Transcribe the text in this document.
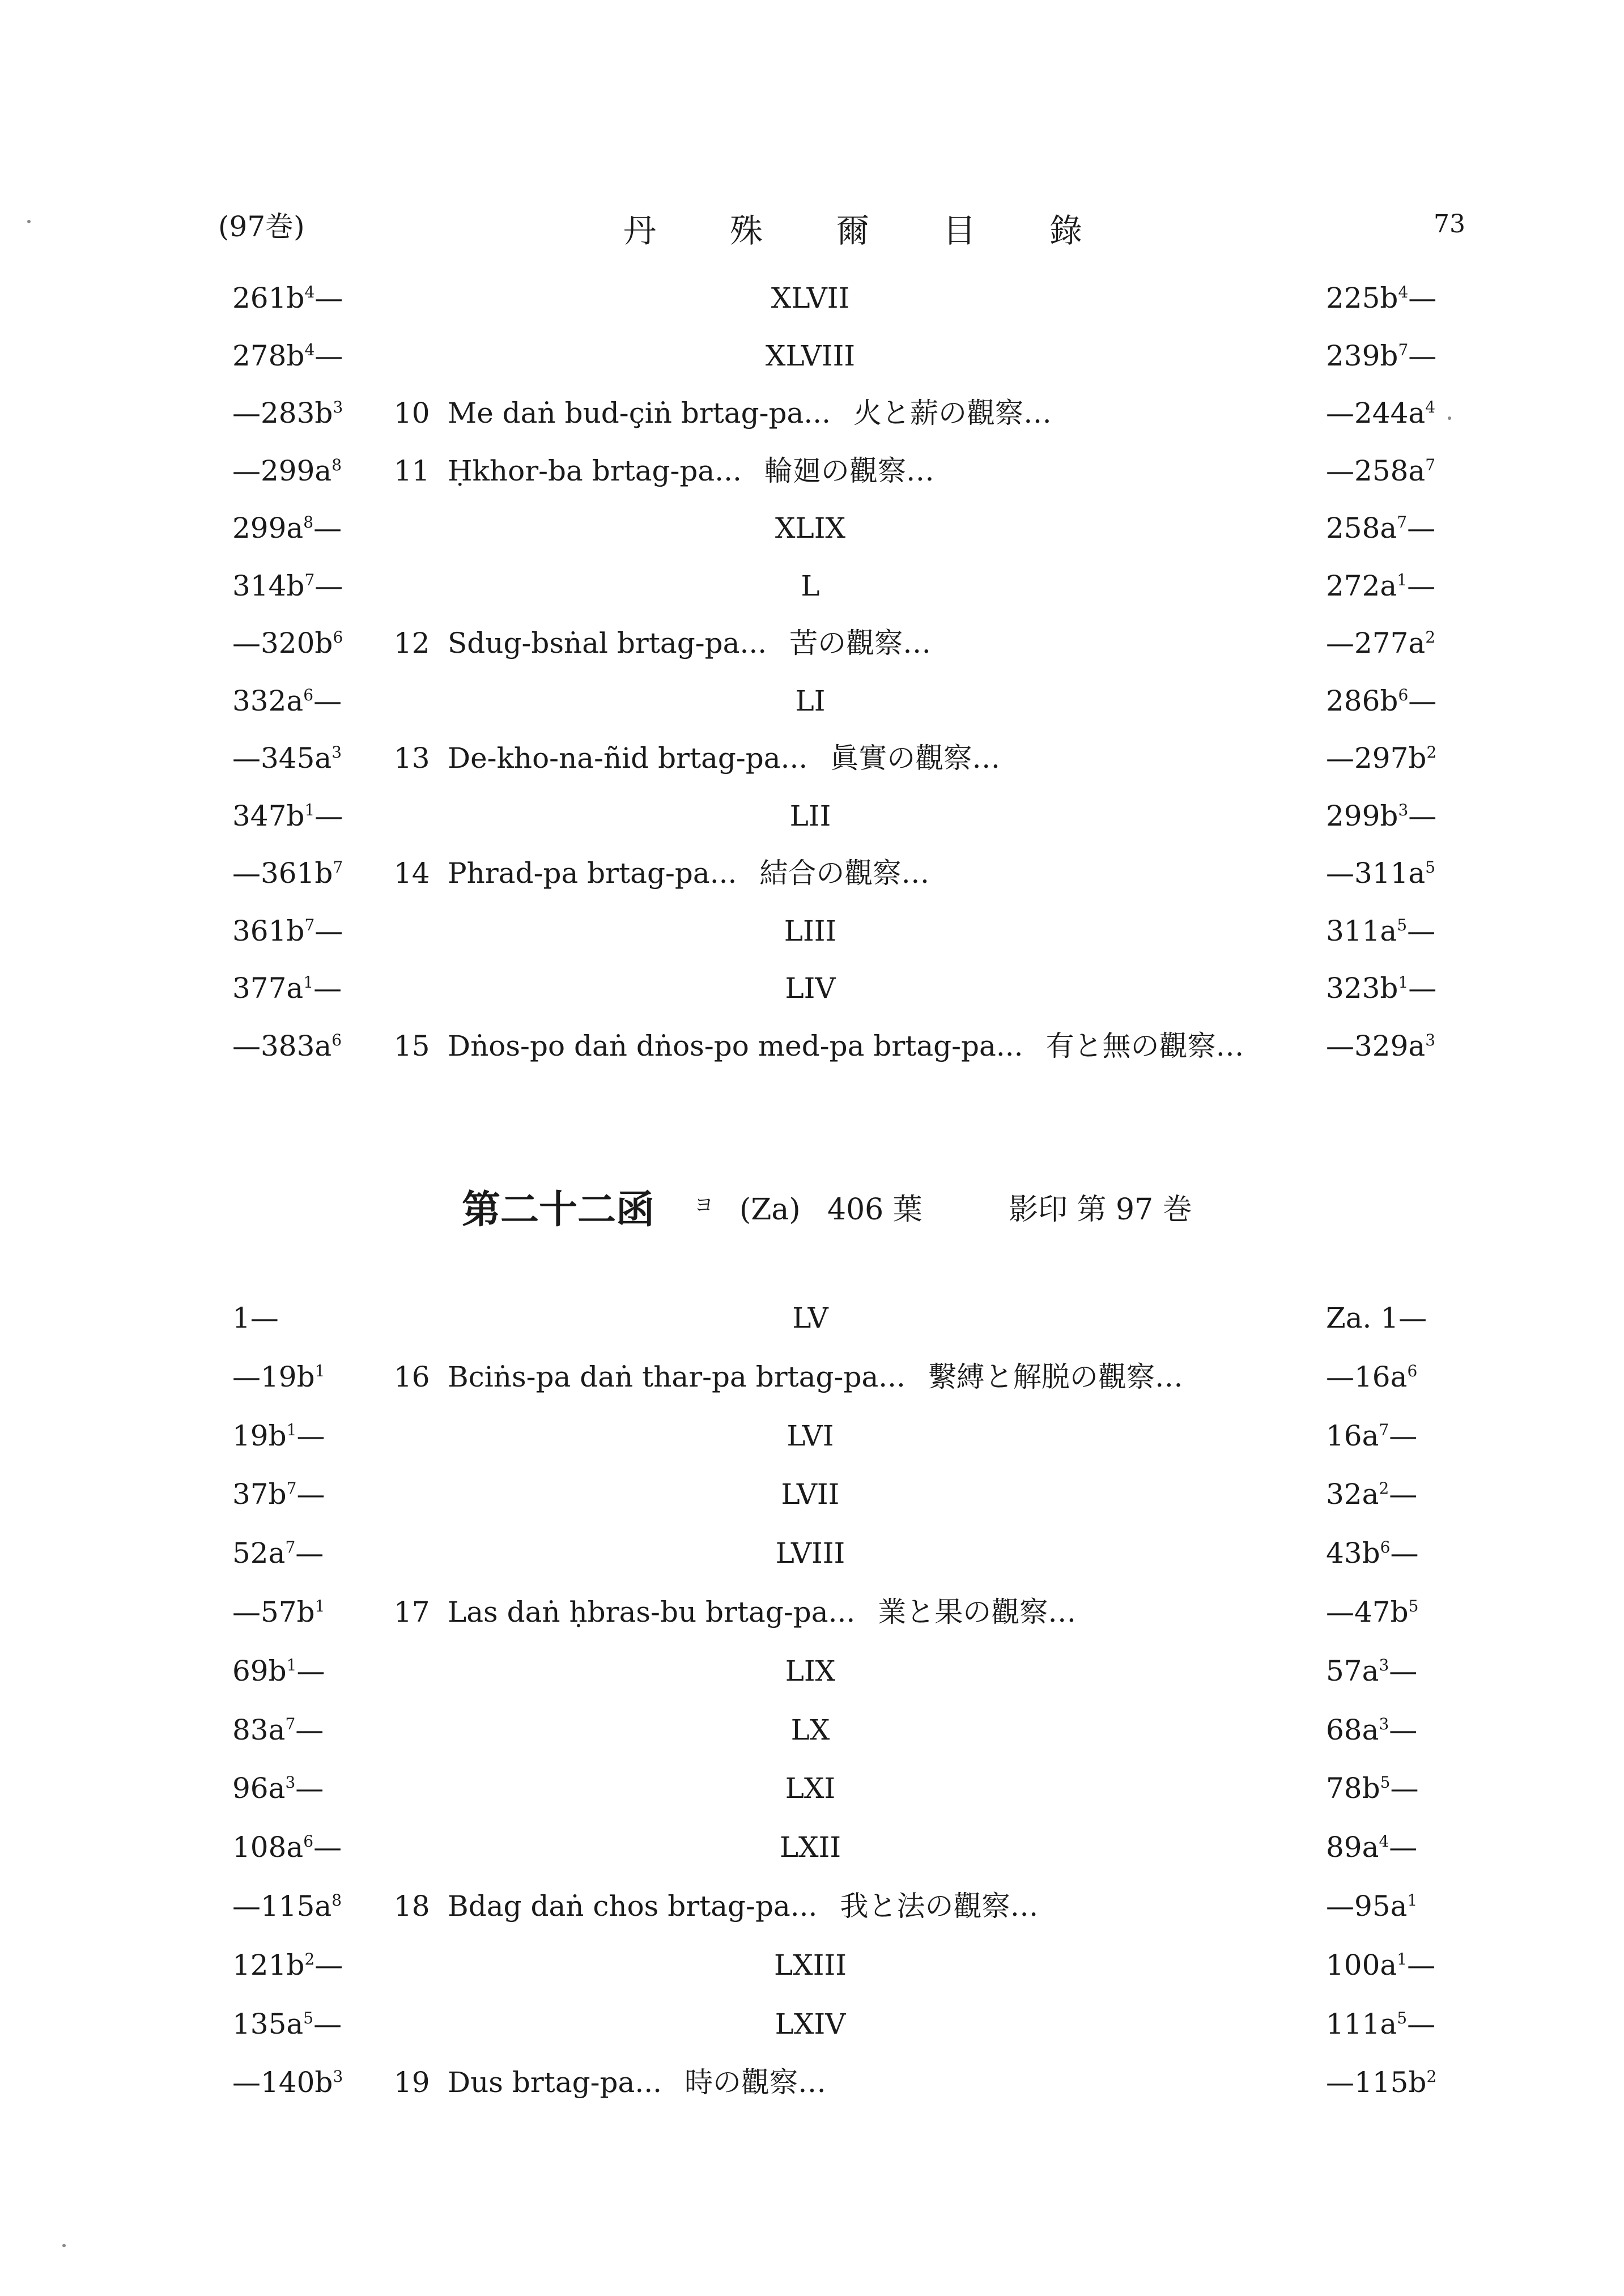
(97巻)	丹殊爾目錄	73
$261b^4—$	XLVII	$225b^4—$
$278b^4—$	XLVIII	$239b^7—$
$—283b^3$ 10 Me daṅ bud-çiṅ brtag-pa... 火と薪の觀察…	$—244a^4$
$—299a^8$ 11 Ḥkhor-ba brtag-pa... 輪廻の觀察…	$—258a^7$
$299a^8—$	XLIX	$258a^7—$
$314b^7—$	L	$272a^1—$
$—320b^6$ 12 Sdug-bsṅal brtag-pa... 苦の觀察…	$—277a^2$
$332a^6—$	LI	$286b^6—$
$—345a^3$ 13 De-kho-na-ñid brtag-pa... 眞實の觀察…	$—297b^2$
$347b^1—$	LII	$299b^3—$
$—361b^7$ 14 Phrad-pa brtag-pa... 結合の觀察…	$—311a^5$
$361b^7—$	LIII	$311a^5—$
$377a^1—$	LIV	$323b^1—$
$—383a^6$ 15 Dṅos-po daṅ dṅos-po med-pa brtag-pa... 有と無の觀察…	$—329a^3$
第二十二函 ヨ (Za) 406 葉	影印 第 97 巻
1—	LV	Za. 1—
$—19b^1$ 16 Bciṅs-pa daṅ thar-pa brtag-pa... 繫縛と解脱の觀察…	$—16a^6$
$19b^1—$	LVI	$16a^7—$
$37b^7—$	LVII	$32a^2—$
$52a^7—$	LVIII	$43b^6—$
$—57b^1$ 17 Las daṅ ḥbras-bu brtag-pa... 業と果の觀察…	$—47b^5$
$69b^1—$	LIX	$57a^3—$
$83a^7—$	LX	$68a^3—$
$96a^3—$	LXI	$78b^5—$
$108a^6—$	LXII	$89a^4—$
$—115a^8$ 18 Bdag daṅ chos brtag-pa... 我と法の觀察…	$—95a^1$
$121b^2—$	LXIII	$100a^1—$
$135a^5—$	LXIV	$111a^5—$
$—140b^3$ 19 Dus brtag-pa... 時の觀察…	$—115b^2$
